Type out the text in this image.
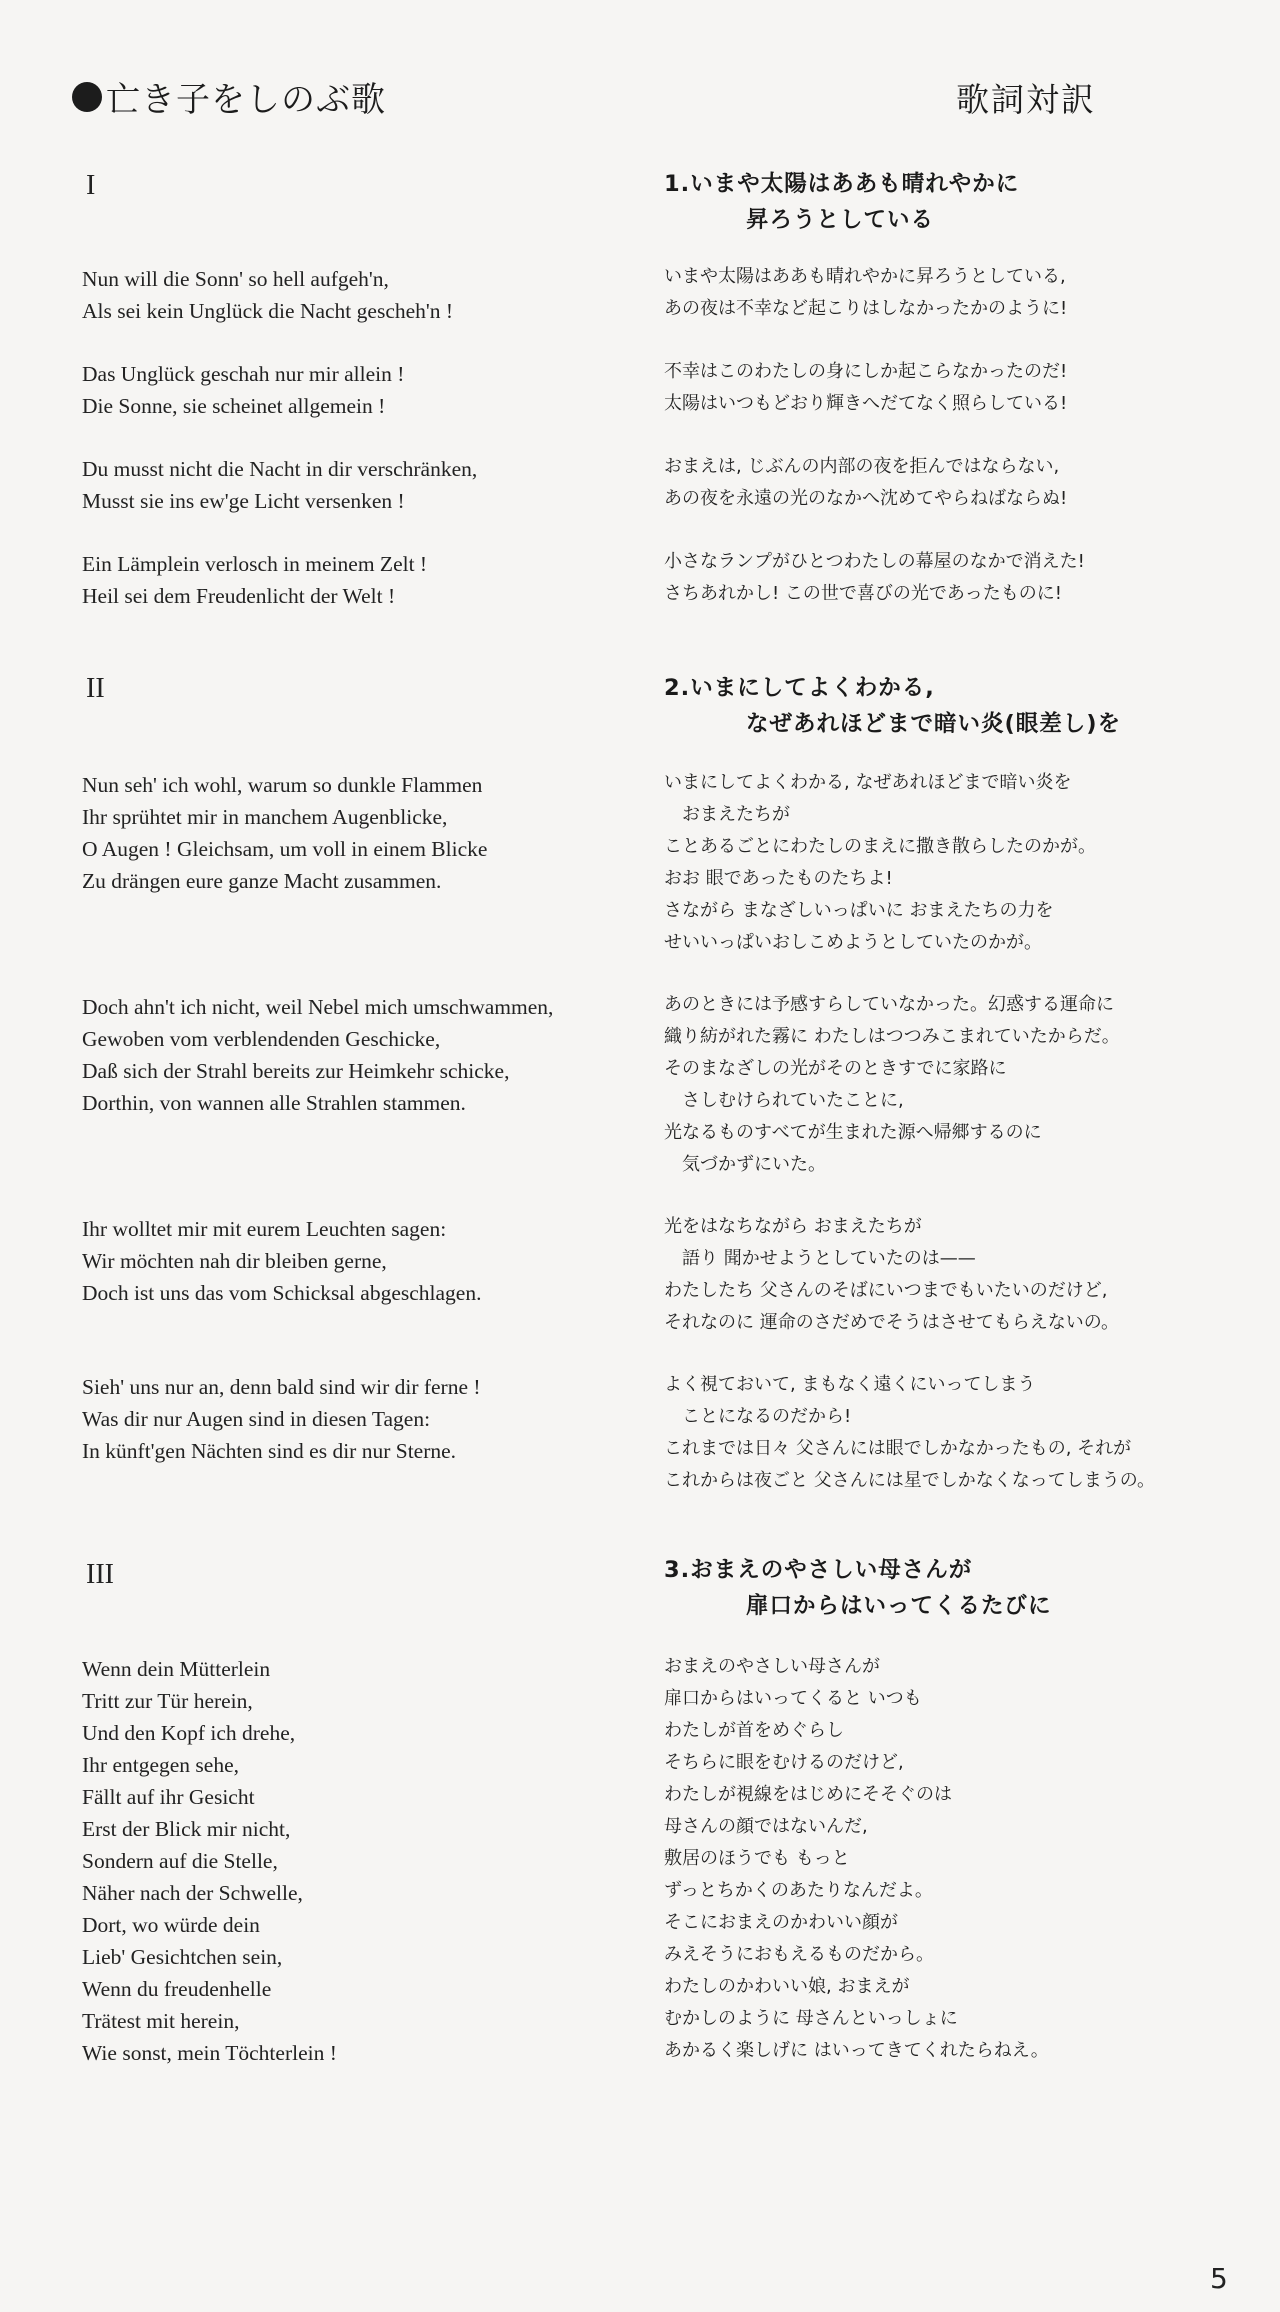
亡き子をしのぶ歌	歌詞対訳
I	1.いまや太陽はああも晴れやかに
昇ろうとしている
Nun will die Sonn' so hell aufgeh'n,
Als sei kein Unglück die Nacht gescheh'n !
いまや太陽はああも晴れやかに昇ろうとしている,
あの夜は不幸など起こりはしなかったかのように!
Das Unglück geschah nur mir allein !
Die Sonne, sie scheinet allgemein !
不幸はこのわたしの身にしか起こらなかったのだ!
太陽はいつもどおり輝きへだてなく照らしている!
Du musst nicht die Nacht in dir verschränken,
Musst sie ins ew'ge Licht versenken !
おまえは, じぶんの内部の夜を拒んではならない,
あの夜を永遠の光のなかへ沈めてやらねばならぬ!
Ein Lämplein verlosch in meinem Zelt !
Heil sei dem Freudenlicht der Welt !
小さなランプがひとつわたしの幕屋のなかで消えた!
さちあれかし! この世で喜びの光であったものに!
II	2.いまにしてよくわかる,
なぜあれほどまで暗い炎(眼差し)を
Nun seh' ich wohl, warum so dunkle Flammen
Ihr sprühtet mir in manchem Augenblicke,
O Augen ! Gleichsam, um voll in einem Blicke
Zu drängen eure ganze Macht zusammen.
いまにしてよくわかる, なぜあれほどまで暗い炎を
おまえたちが
ことあるごとにわたしのまえに撒き散らしたのかが。
おお 眼であったものたちよ!
さながら まなざしいっぱいに おまえたちの力を
せいいっぱいおしこめようとしていたのかが。
Doch ahn't ich nicht, weil Nebel mich umschwammen,
Gewoben vom verblendenden Geschicke,
Daß sich der Strahl bereits zur Heimkehr schicke,
Dorthin, von wannen alle Strahlen stammen.
あのときには予感すらしていなかった。幻惑する運命に
織り紡がれた霧に わたしはつつみこまれていたからだ。
そのまなざしの光がそのときすでに家路に
さしむけられていたことに,
光なるものすべてが生まれた源へ帰郷するのに
気づかずにいた。
Ihr wolltet mir mit eurem Leuchten sagen:
Wir möchten nah dir bleiben gerne,
Doch ist uns das vom Schicksal abgeschlagen.
光をはなちながら おまえたちが
語り 聞かせようとしていたのは——
わたしたち 父さんのそばにいつまでもいたいのだけど,
それなのに 運命のさだめでそうはさせてもらえないの。
Sieh' uns nur an, denn bald sind wir dir ferne !
Was dir nur Augen sind in diesen Tagen:
In künft'gen Nächten sind es dir nur Sterne.
よく視ておいて, まもなく遠くにいってしまう
ことになるのだから!
これまでは日々 父さんには眼でしかなかったもの, それが
これからは夜ごと 父さんには星でしかなくなってしまうの。
III	3.おまえのやさしい母さんが
扉口からはいってくるたびに
Wenn dein Mütterlein
Tritt zur Tür herein,
Und den Kopf ich drehe,
Ihr entgegen sehe,
Fällt auf ihr Gesicht
Erst der Blick mir nicht,
Sondern auf die Stelle,
Näher nach der Schwelle,
Dort, wo würde dein
Lieb' Gesichtchen sein,
Wenn du freudenhelle
Trätest mit herein,
Wie sonst, mein Töchterlein !
おまえのやさしい母さんが
扉口からはいってくると いつも
わたしが首をめぐらし
そちらに眼をむけるのだけど,
わたしが視線をはじめにそそぐのは
母さんの顔ではないんだ,
敷居のほうでも もっと
ずっとちかくのあたりなんだよ。
そこにおまえのかわいい顔が
みえそうにおもえるものだから。
わたしのかわいい娘, おまえが
むかしのように 母さんといっしょに
あかるく楽しげに はいってきてくれたらねえ。
5
